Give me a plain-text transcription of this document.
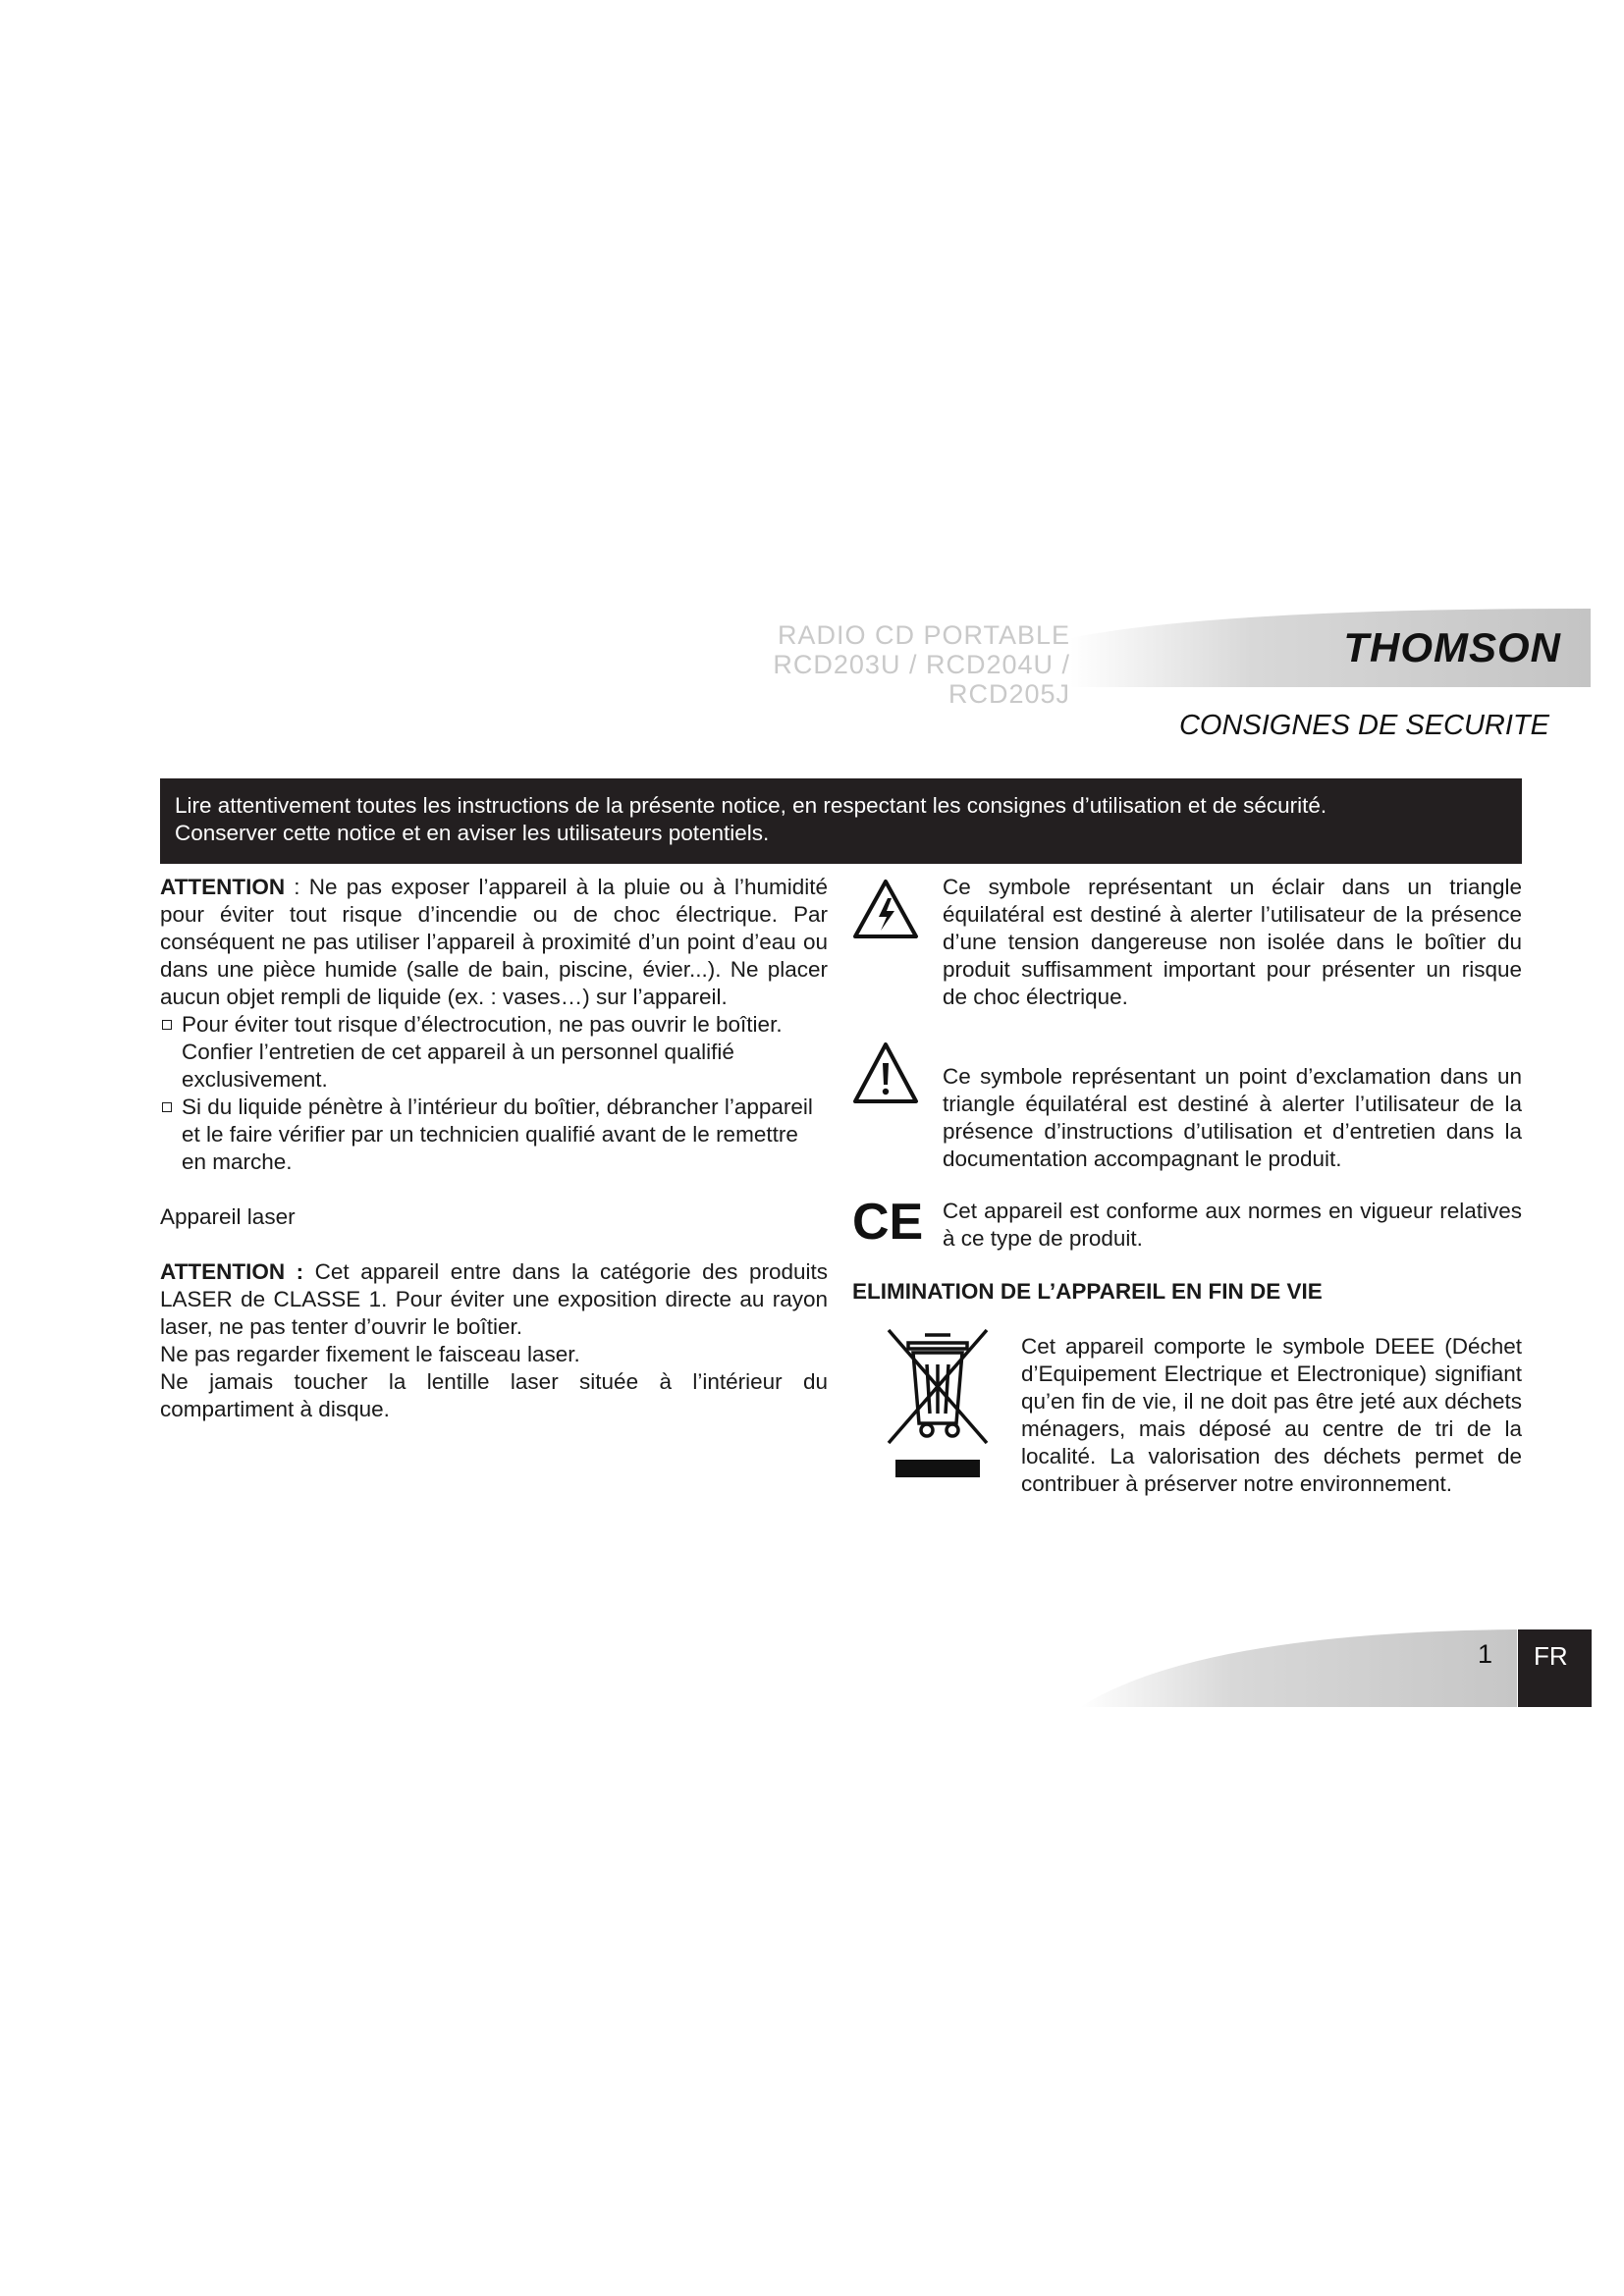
RADIO CD PORTABLE
RCD203U / RCD204U / RCD205J
THOMSON
CONSIGNES DE SECURITE
Lire attentivement toutes les instructions de la présente notice, en respectant les consignes d’utilisation et de sécurité.
Conserver cette notice et en aviser les utilisateurs potentiels.
ATTENTION : Ne pas exposer l’appareil à la pluie ou à l’humidité pour éviter tout risque d’incendie ou de choc électrique. Par conséquent ne pas utiliser l’appareil à proximité d’un point d’eau ou dans une pièce humide (salle de bain, piscine, évier...). Ne placer aucun objet rempli de liquide (ex. : vases…) sur l’appareil.
Pour éviter tout risque d’électrocution, ne pas ouvrir le boîtier. Confier l’entretien de cet appareil à un personnel qualifié exclusivement.
Si du liquide pénètre à l’intérieur du boîtier, débrancher l’appareil et le faire vérifier par un technicien qualifié avant de le remettre en marche.
Appareil laser
ATTENTION : Cet appareil entre dans la catégorie des produits LASER de CLASSE 1. Pour éviter une exposition directe au rayon laser, ne pas tenter d’ouvrir le boîtier.
Ne pas regarder fixement le faisceau laser.
Ne jamais toucher la lentille laser située à l’intérieur du compartiment à disque.
Ce symbole représentant un éclair dans un triangle équilatéral est destiné à alerter l’utilisateur de la présence d’une tension dangereuse non isolée dans le boîtier du produit suffisamment important pour présenter un risque de choc électrique.
Ce symbole représentant un point d’exclamation dans un triangle équilatéral est destiné à alerter l’utilisateur de la présence d’instructions d’utilisation et d’entretien dans la documentation accompagnant le produit.
CE Cet appareil est conforme aux normes en vigueur relatives à ce type de produit.
ELIMINATION DE L’APPAREIL EN FIN DE VIE
Cet appareil comporte le symbole DEEE (Déchet d’Equipement Electrique et Electronique) signifiant qu’en fin de vie, il ne doit pas être jeté aux déchets ménagers, mais déposé au centre de tri de la localité. La valorisation des déchets permet de contribuer à préserver notre environnement.
1	FR
